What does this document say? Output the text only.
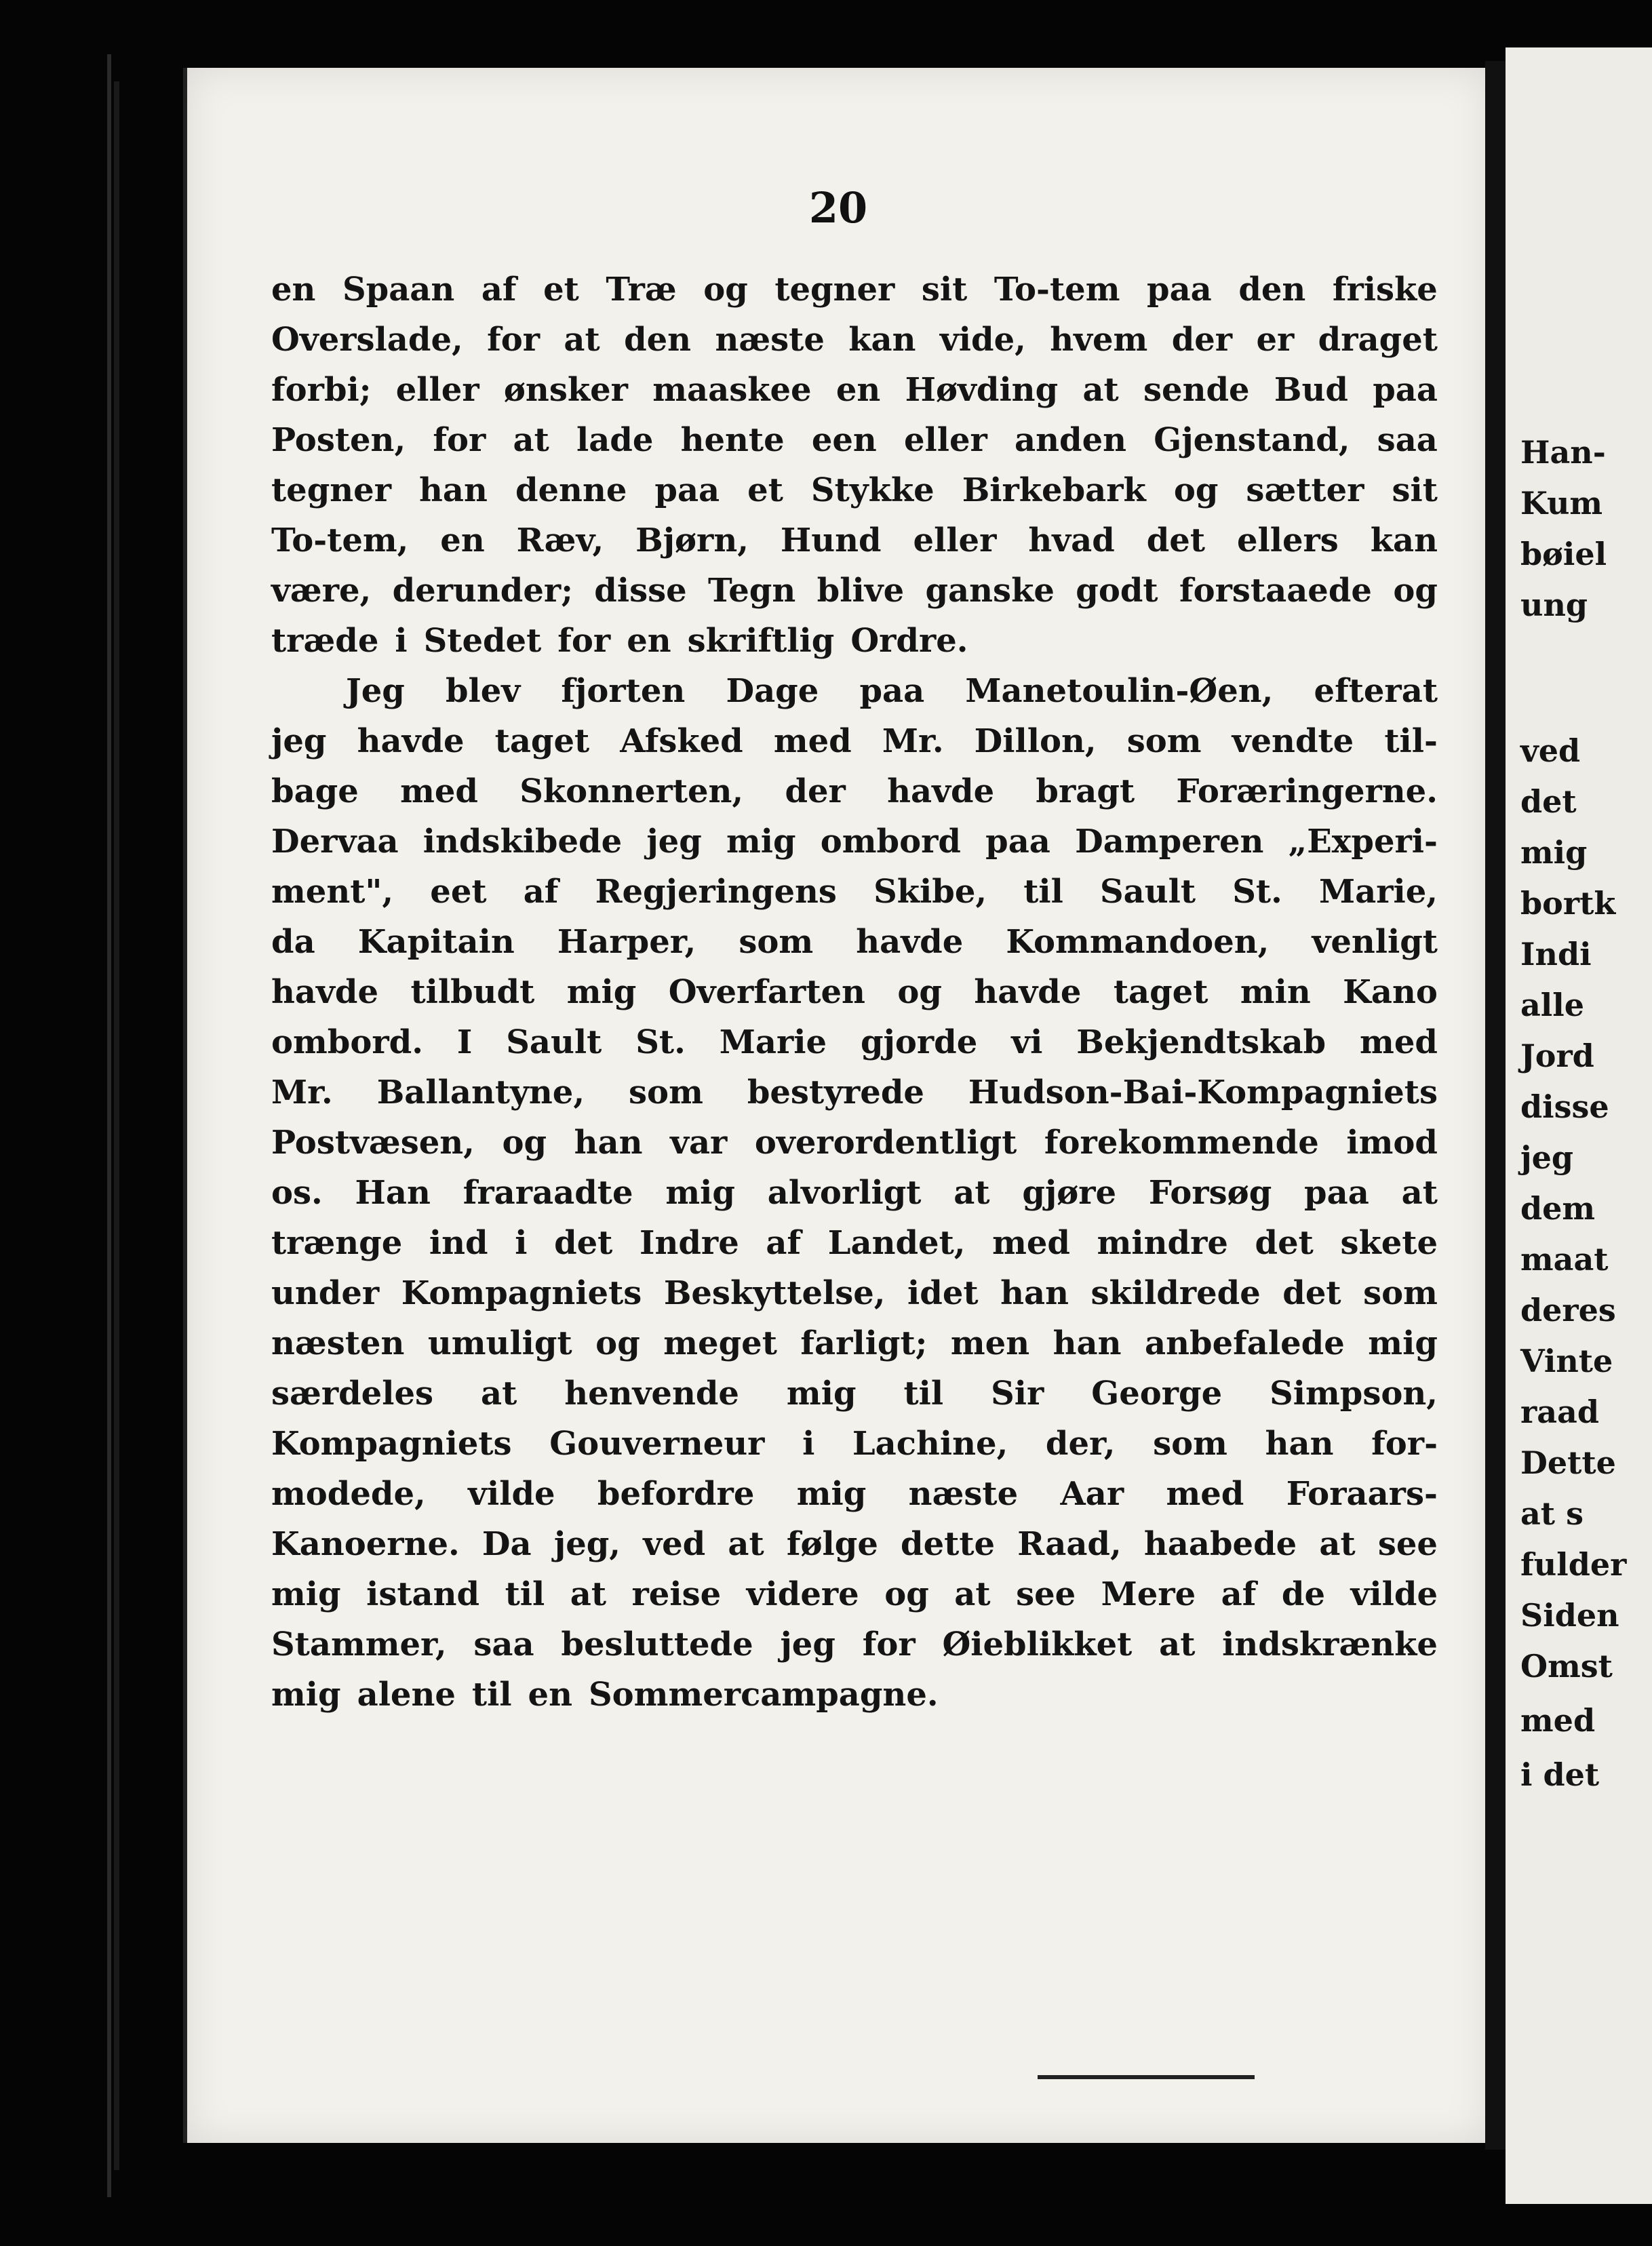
20
en Spaan af et Træ og tegner sit To-tem paa den friske
Overslade, for at den næste kan vide, hvem der er draget
forbi; eller ønsker maaskee en Høvding at sende Bud paa
Posten, for at lade hente een eller anden Gjenstand, saa
tegner han denne paa et Stykke Birkebark og sætter sit
To-tem, en Ræv, Bjørn, Hund eller hvad det ellers kan
være, derunder; disse Tegn blive ganske godt forstaaede og
træde i Stedet for en skriftlig Ordre.
Jeg blev fjorten Dage paa Manetoulin-Øen, efterat
jeg havde taget Afsked med Mr. Dillon, som vendte til-
bage med Skonnerten, der havde bragt Foræringerne.
Dervaa indskibede jeg mig ombord paa Damperen „Experi-
ment", eet af Regjeringens Skibe, til Sault St. Marie,
da Kapitain Harper, som havde Kommandoen, venligt
havde tilbudt mig Overfarten og havde taget min Kano
ombord. I Sault St. Marie gjorde vi Bekjendtskab med
Mr. Ballantyne, som bestyrede Hudson-Bai-Kompagniets
Postvæsen, og han var overordentligt forekommende imod
os. Han fraraadte mig alvorligt at gjøre Forsøg paa at
trænge ind i det Indre af Landet, med mindre det skete
under Kompagniets Beskyttelse, idet han skildrede det som
næsten umuligt og meget farligt; men han anbefalede mig
særdeles at henvende mig til Sir George Simpson,
Kompagniets Gouverneur i Lachine, der, som han for-
modede, vilde befordre mig næste Aar med Foraars-
Kanoerne. Da jeg, ved at følge dette Raad, haabede at see
mig istand til at reise videre og at see Mere af de vilde
Stammer, saa besluttede jeg for Øieblikket at indskrænke
mig alene til en Sommercampagne.
Han-
Kum
bøiel
ung
ved
det
mig
bortk
Indi
alle
Jord
disse
jeg
dem
maat
deres
Vinte
raad
Dette
at s
fulder
Siden
Omst
med
i det
